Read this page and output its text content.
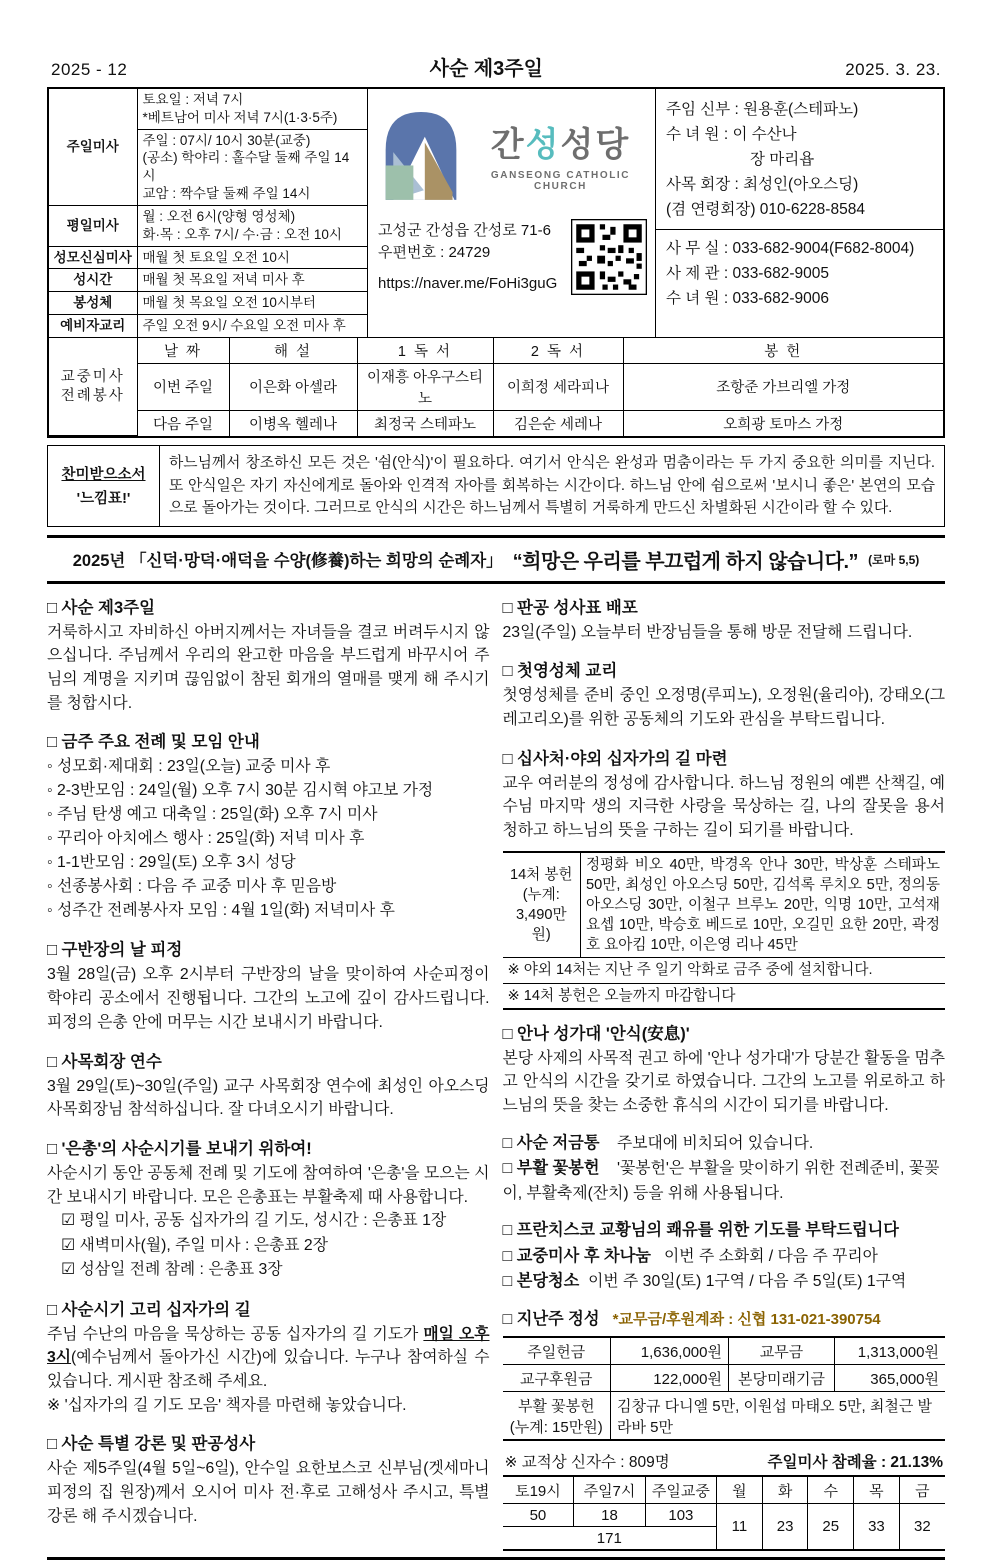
2025 - 12	사순 제3주일	2025. 3. 23.
주일미사	토요일 : 저녁 7시
*베트남어 미사 저녁 7시(1·3·5주)

	주일 : 07시/ 10시 30분(교중)
(공소) 학야리 : 홀수달 둘째 주일 14시
교암 : 짝수달 둘째 주일 14시

평일미사	월 : 오전 6시(양형 영성체)
화·목 : 오후 7시/ 수·금 : 오전 10시

성모신심미사	매월 첫 토요일 오전 10시
성시간	매월 첫 목요일 저녁 미사 후
봉성체	매월 첫 목요일 오전 10시부터
예비자교리	주일 오전 9시/ 수요일 오전 미사 후
간성성당
GANSEONG CATHOLIC CHURCH
고성군 간성읍 간성로 71-6
우편번호 : 24729
https://naver.me/FoHi3guG
주임 신부 : 원용훈(스테파노)
수 녀 원 : 이 수산나
장 마리욥
사목 회장 : 최성인(아오스딩)
(겸 연령회장) 010-6228-8584
사 무 실 : 033-682-9004(F682-8004)
사 제 관 : 033-682-9005
수 녀 원 : 033-682-9006
교중미사
전례봉사	날 짜	해 설	1 독 서	2 독 서	봉 헌
	이번 주일	이은화 아셀라	이재흥 아우구스티노	이희정 세라피나	조항준 가브리엘 가정
	다음 주일	이병옥 헬레나	최정국 스테파노	김은순 세레나	오희광 토마스 가정
찬미받으소서
'느낌표!'
하느님께서 창조하신 모든 것은 '쉼(안식)'이 필요하다. 여기서 안식은 완성과 멈춤이라는 두 가지 중요한 의미를 지닌다. 또 안식일은 자기 자신에게로 돌아와 인격적 자아를 회복하는 시간이다. 하느님 안에 쉼으로써 '보시니 좋은' 본연의 모습으로 돌아가는 것이다. 그러므로 안식의 시간은 하느님께서 특별히 거룩하게 만드신 차별화된 시간이라 할 수 있다.
2025년 「신덕·망덕·애덕을 수양(修養)하는 희망의 순례자」 “희망은 우리를 부끄럽게 하지 않습니다.” (로마 5,5)
□ 사순 제3주일

거룩하시고 자비하신 아버지께서는 자녀들을 결코 버려두시지 않으십니다. 주님께서 우리의 완고한 마음을 부드럽게 바꾸시어 주님의 계명을 지키며 끊임없이 참된 회개의 열매를 맺게 해 주시기를 청합시다.

□ 금주 주요 전례 및 모임 안내
◦ 성모회·제대회 : 23일(오늘) 교중 미사 후
◦ 2-3반모임 : 24일(월) 오후 7시 30분 김시혁 야고보 가정
◦ 주님 탄생 예고 대축일 : 25일(화) 오후 7시 미사
◦ 꾸리아 아치에스 행사 : 25일(화) 저녁 미사 후
◦ 1-1반모임 : 29일(토) 오후 3시 성당
◦ 선종봉사회 : 다음 주 교중 미사 후 믿음방
◦ 성주간 전례봉사자 모임 : 4월 1일(화) 저녁미사 후
□ 구반장의 날 피정

3월 28일(금) 오후 2시부터 구반장의 날을 맞이하여 사순피정이 학야리 공소에서 진행됩니다. 그간의 노고에 깊이 감사드립니다. 피정의 은총 안에 머무는 시간 보내시기 바랍니다.

□ 사목회장 연수

3월 29일(토)~30일(주일) 교구 사목회장 연수에 최성인 아오스딩 사목회장님 참석하십니다. 잘 다녀오시기 바랍니다.

□ '은총'의 사순시기를 보내기 위하여!

사순시기 동안 공동체 전례 및 기도에 참여하여 '은총'을 모으는 시간 보내시기 바랍니다. 모은 은총표는 부활축제 때 사용합니다.

☑ 평일 미사, 공동 십자가의 길 기도, 성시간 : 은총표 1장
☑ 새벽미사(월), 주일 미사 : 은총표 2장
☑ 성삼일 전례 참례 : 은총표 3장
□ 사순시기 고리 십자가의 길

주님 수난의 마음을 묵상하는 공동 십자가의 길 기도가 매일 오후 3시(예수님께서 돌아가신 시간)에 있습니다. 누구나 참여하실 수 있습니다. 게시판 참조해 주세요.

※ '십자가의 길 기도 모음' 책자를 마련해 놓았습니다.
□ 사순 특별 강론 및 판공성사

사순 제5주일(4월 5일~6일), 안수일 요한보스코 신부님(겟세마니 피정의 집 원장)께서 오시어 미사 전·후로 고해성사 주시고, 특별강론 해 주시겠습니다.

□ 판공 성사표 배포

23일(주일) 오늘부터 반장님들을 통해 방문 전달해 드립니다.

□ 첫영성체 교리

첫영성체를 준비 중인 오정명(루피노), 오정원(율리아), 강태오(그레고리오)를 위한 공동체의 기도와 관심을 부탁드립니다.

□ 십사처·야외 십자가의 길 마련

교우 여러분의 정성에 감사합니다. 하느님 정원의 예쁜 산책길, 예수님 마지막 생의 지극한 사랑을 묵상하는 길, 나의 잘못을 용서 청하고 하느님의 뜻을 구하는 길이 되기를 바랍니다.

14처 봉헌
(누계:
3,490만원)
	정평화 비오 40만, 박경옥 안나 30만, 박상훈 스테파노 50만, 최성인 아오스딩 50만, 김석록 루치오 5만, 정의동 아오스딩 30만, 이철구 브루노 20만, 익명 10만, 고석재 요셉 10만, 박승호 베드로 10만, 오길민 요한 20만, 곽정호 요아킴 10만, 이은영 리나 45만
※ 야외 14처는 지난 주 일기 악화로 금주 중에 설치합니다.
※ 14처 봉헌은 오늘까지 마감합니다
□ 안나 성가대 '안식(安息)'

본당 사제의 사목적 권고 하에 '안나 성가대'가 당분간 활동을 멈추고 안식의 시간을 갖기로 하였습니다. 그간의 노고를 위로하고 하느님의 뜻을 찾는 소중한 휴식의 시간이 되기를 바랍니다.

□ 사순 저금통 주보대에 비치되어 있습니다.
□ 부활 꽃봉헌 '꽃봉헌'은 부활을 맞이하기 위한 전례준비, 꽃꽂이, 부활축제(잔치) 등을 위해 사용됩니다.
□ 프란치스코 교황님의 쾌유를 위한 기도를 부탁드립니다
□ 교중미사 후 차나눔 이번 주 소화회 / 다음 주 꾸리아
□ 본당청소 이번 주 30일(토) 1구역 / 다음 주 5일(토) 1구역
□ 지난주 정성 *교무금/후원계좌 : 신협 131-021-390754
주일헌금	1,636,000원	교무금	1,313,000원
교구후원금	122,000원	본당미래기금	365,000원

부활 꽃봉헌
(누계: 15만원)	김창규 다니엘 5만, 이원섭 마태오 5만, 최철근 발라바 5만		
※ 교적상 신자수 : 809명	주일미사 참례율 : 21.13%
토19시	주일7시	주일교중	월	화	수	목	금
50	18	103	11	23	25	33	32
171							
